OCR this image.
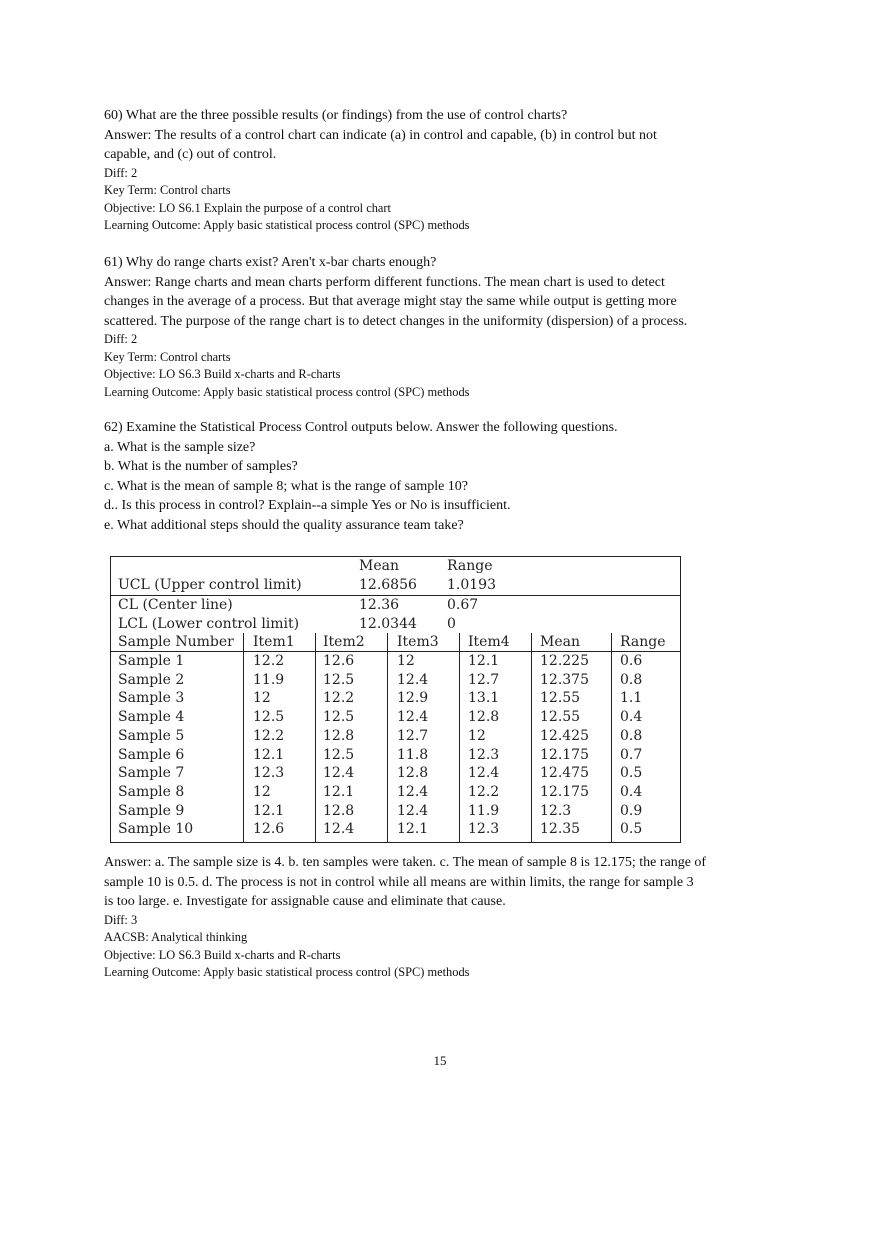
60) What are the three possible results (or findings) from the use of control charts?

Answer: The results of a control chart can indicate (a) in control and capable, (b) in control but not

capable, and (c) out of control.

Diff: 2

Key Term: Control charts

Objective: LO S6.1 Explain the purpose of a control chart

Learning Outcome: Apply basic statistical process control (SPC) methods

61) Why do range charts exist? Aren't x-bar charts enough?

Answer: Range charts and mean charts perform different functions. The mean chart is used to detect

changes in the average of a process. But that average might stay the same while output is getting more

scattered. The purpose of the range chart is to detect changes in the uniformity (dispersion) of a process.

Diff: 2

Key Term: Control charts

Objective: LO S6.3 Build x-charts and R-charts

Learning Outcome: Apply basic statistical process control (SPC) methods

62) Examine the Statistical Process Control outputs below. Answer the following questions.

a. What is the sample size?

b. What is the number of samples?

c. What is the mean of sample 8; what is the range of sample 10?

d.. Is this process in control? Explain--a simple Yes or No is insufficient.

e. What additional steps should the quality assurance team take?

Mean	Range
UCL (Upper control limit)	12.6856 1.0193
CL (Center line)	12.36	0.67
LCL (Lower control limit)	12.0344 0
Sample Number Item1 Item2 Item3 Item4 Mean	Range
Sample 1	12.2	12.6	12	12.1	12.225 0.6
Sample 2	11.9	12.5	12.4	12.7	12.375 0.8
Sample 3	12	12.2	12.9	13.1	12.55	1.1
Sample 4	12.5	12.5	12.4	12.8	12.55	0.4
Sample 5	12.2	12.8	12.7	12	12.425 0.8
Sample 6	12.1	12.5	11.8	12.3	12.175 0.7
Sample 7	12.3	12.4	12.8	12.4	12.475 0.5
Sample 8	12	12.1	12.4	12.2	12.175 0.4
Sample 9	12.1	12.8	12.4	11.9	12.3	0.9
Sample 10	12.6	12.4	12.1	12.3	12.35	0.5

Answer: a. The sample size is 4. b. ten samples were taken. c. The mean of sample 8 is 12.175; the range of

sample 10 is 0.5. d. The process is not in control while all means are within limits, the range for sample 3

is too large. e. Investigate for assignable cause and eliminate that cause.

Diff: 3

AACSB: Analytical thinking

Objective: LO S6.3 Build x-charts and R-charts

Learning Outcome: Apply basic statistical process control (SPC) methods

15
